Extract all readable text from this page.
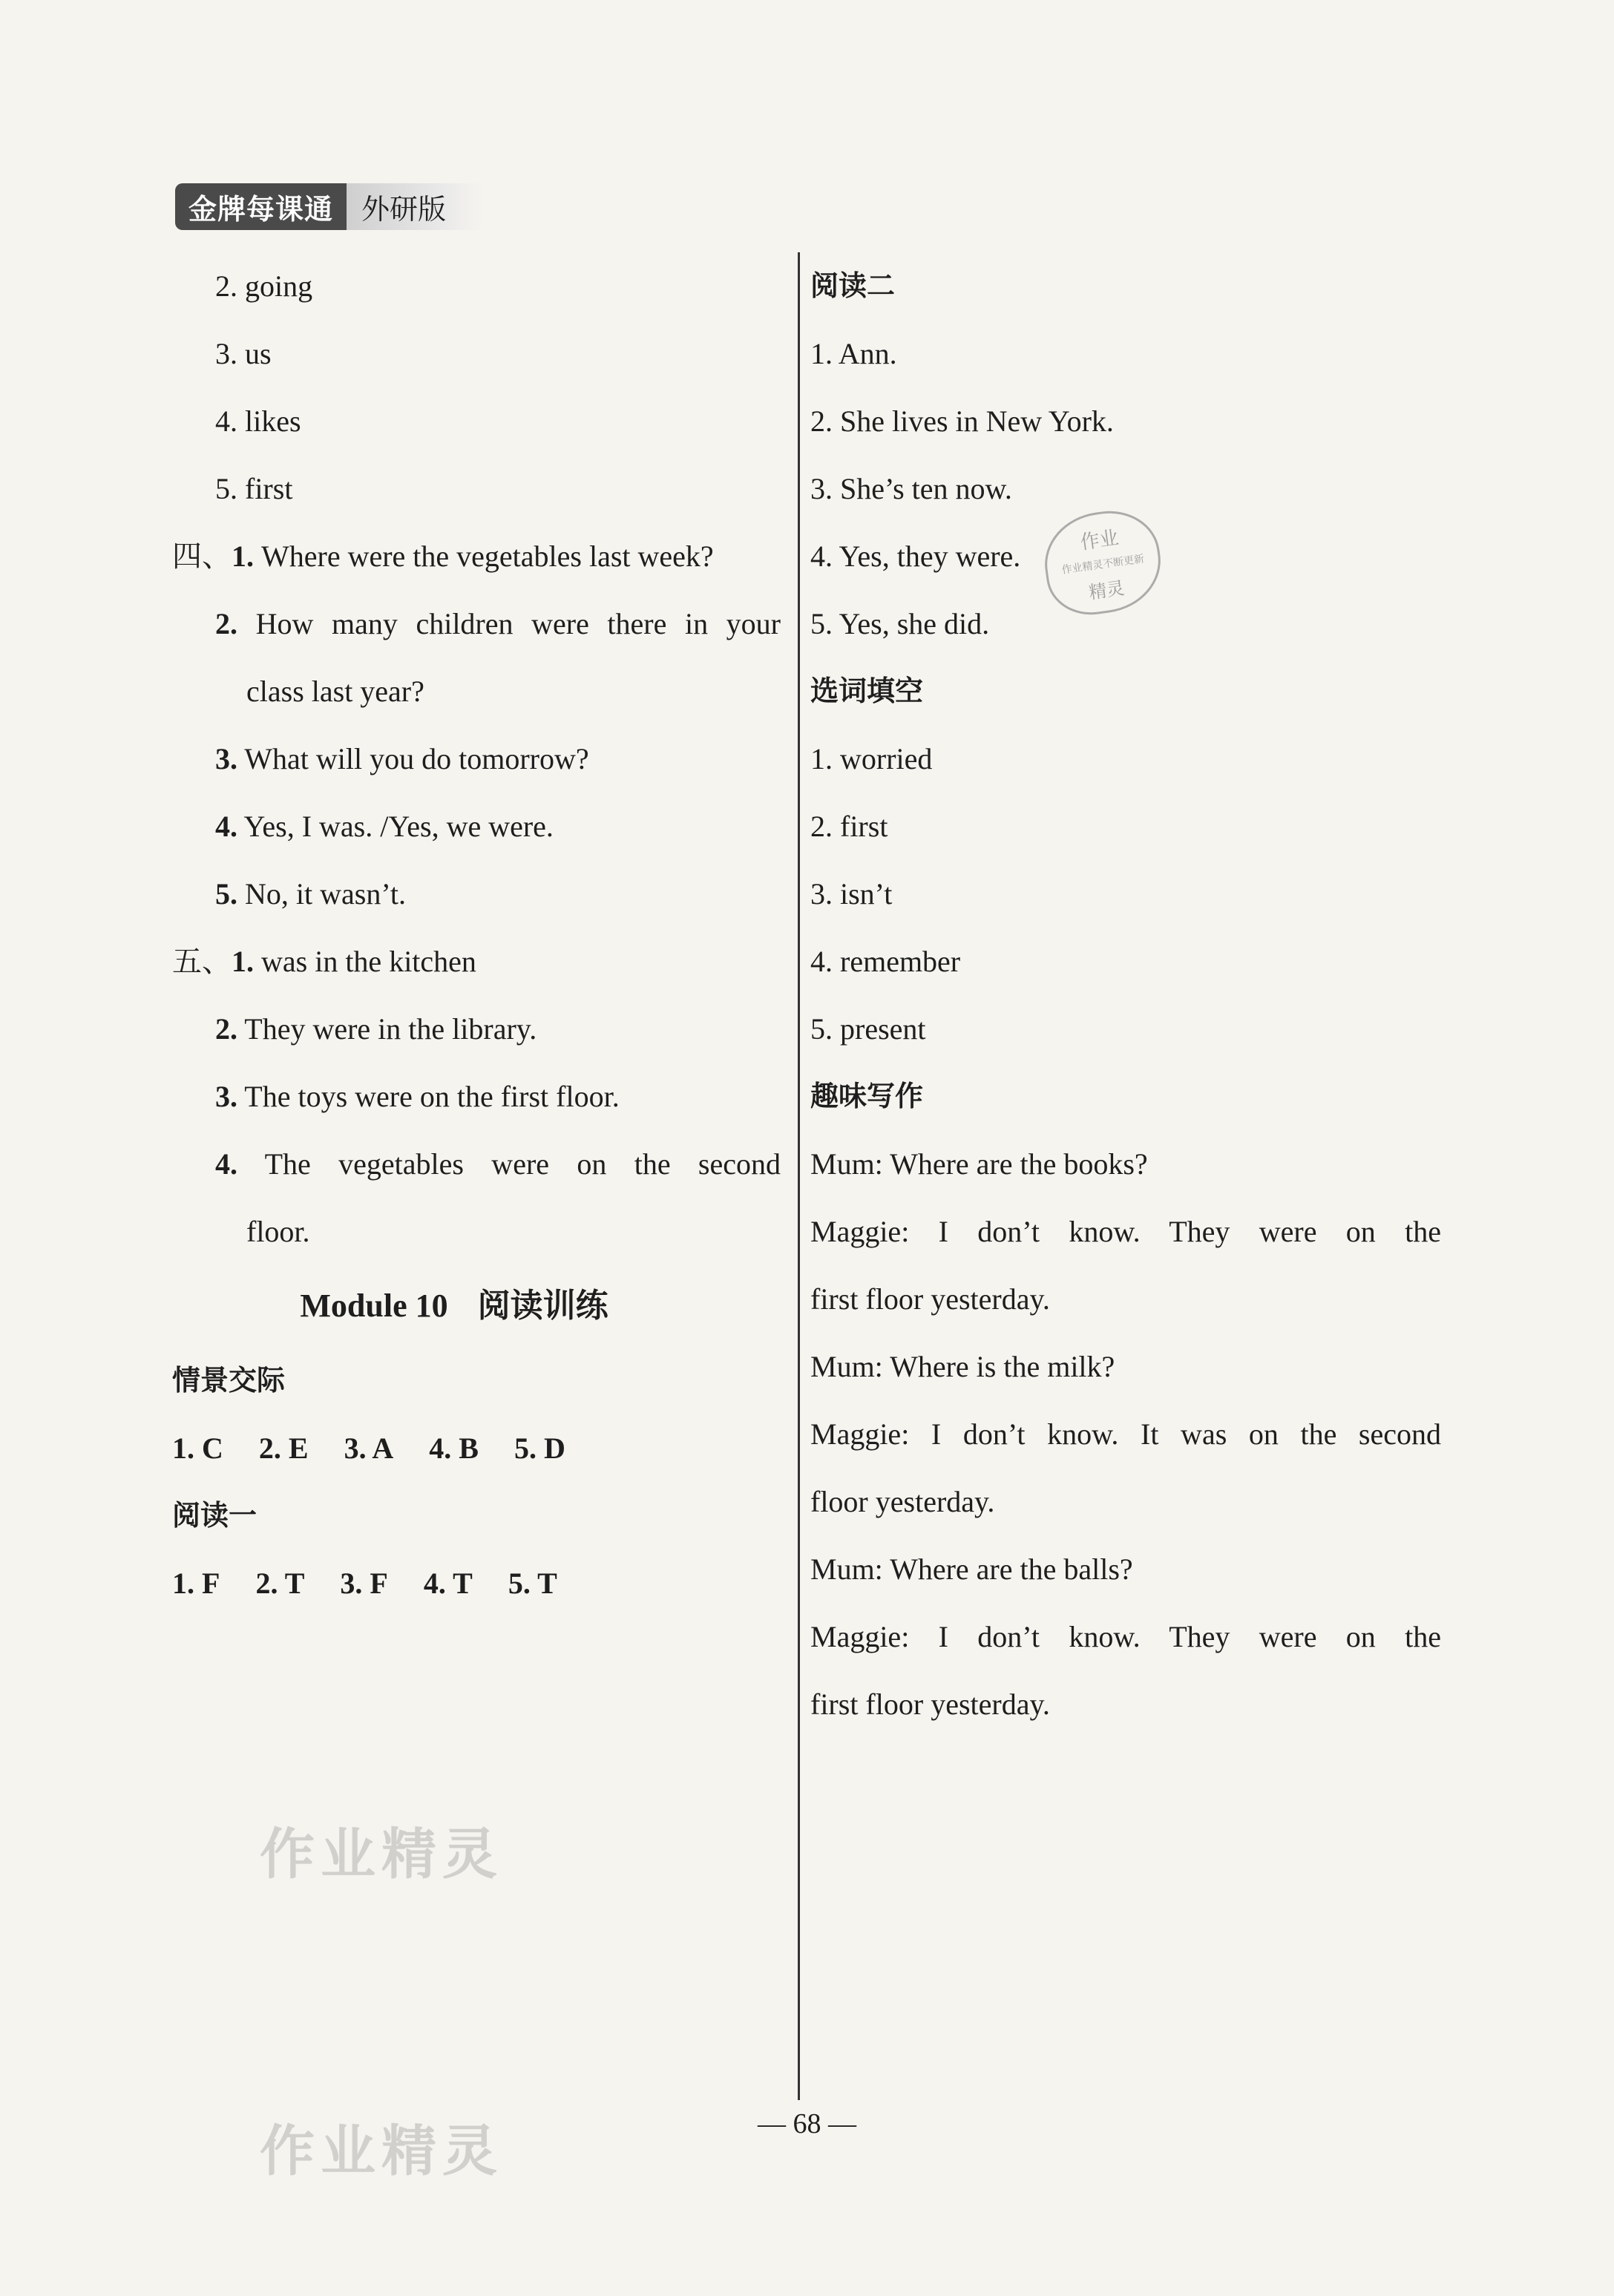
金牌每课通	外研版
2. going
3. us
4. likes
5. first
四、1. Where were the vegetables last week?
2. How many children were there in your
class last year?
3. What will you do tomorrow?
4. Yes, I was. /Yes, we were.
5. No, it wasn’t.
五、1. was in the kitchen
2. They were in the library.
3. The toys were on the first floor.
4. The vegetables were on the second
floor.
Module 10 阅读训练
情景交际
1. C 2. E 3. A 4. B 5. D
阅读一
1. F 2. T 3. F 4. T 5. T
阅读二
1. Ann.
2. She lives in New York.
3. She’s ten now.
4. Yes, they were.
5. Yes, she did.
选词填空
1. worried
2. first
3. isn’t
4. remember
5. present
趣味写作
Mum: Where are the books?
Maggie: I don’t know. They were on the
first floor yesterday.
Mum: Where is the milk?
Maggie: I don’t know. It was on the second
floor yesterday.
Mum: Where are the balls?
Maggie: I don’t know. They were on the
first floor yesterday.
作业
作业精灵不断更新
精灵
作业精灵
作业精灵	— 68 —
